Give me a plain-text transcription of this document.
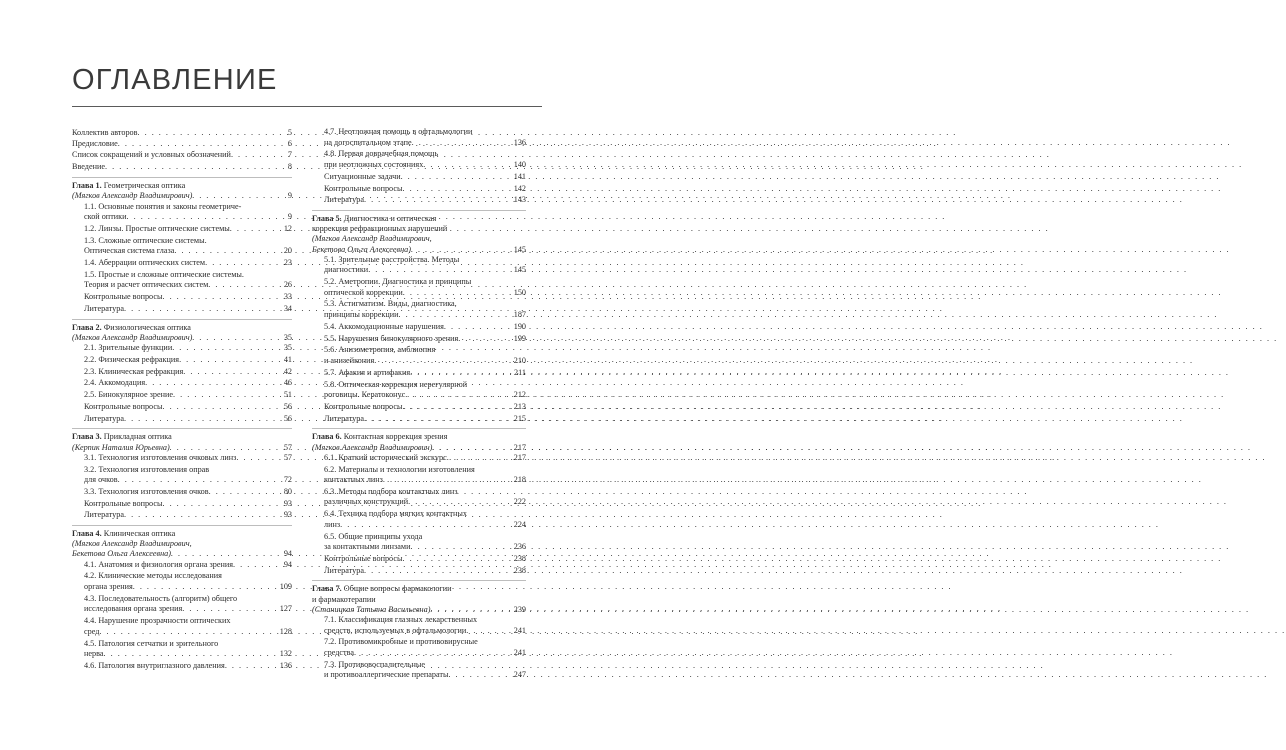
ОГЛАВЛЕНИЕ
Коллектив авторов . . .	5
Предисловие . . .	6
Список сокращений и условных обозначений . . .	7
Введение . . .	8
Глава 1. Геометрическая оптика
(Мягков Александр Владимирович) . . .	9
1.1. Основные понятия и законы геометриче-
ской оптики . . .	9
1.2. Линзы. Простые оптические системы . . .	12
1.3. Сложные оптические системы.
Оптическая система глаза . . .	20
1.4. Аберрации оптических систем . . .	23
1.5. Простые и сложные оптические системы.
Теория и расчет оптических систем . . .	26
Контрольные вопросы . . .	33
Литература . . .	34
Глава 2. Физиологическая оптика
(Мягков Александр Владимирович) . . .	35
2.1. Зрительные функции . . .	35
2.2. Физическая рефракция . . .	41
2.3. Клиническая рефракция . . .	42
2.4. Аккомодация . . .	46
2.5. Бинокулярное зрение . . .	51
Контрольные вопросы . . .	56
Литература . . .	56
Глава 3. Прикладная оптика
(Керпик Наталия Юрьевна) . . .	57
3.1. Технология изготовления очковых линз . . .	57
3.2. Технология изготовления оправ
для очков . . .	72
3.3. Технология изготовления очков . . .	80
Контрольные вопросы . . .	93
Литература . . .	93
Глава 4. Клиническая оптика
(Мягков Александр Владимирович,
Бекетова Ольга Алексеевна) . . .	94
4.1. Анатомия и физиология органа зрения . . .	94
4.2. Клинические методы исследования
органа зрения . . .	109
4.3. Последовательность (алгоритм) общего
исследования органа зрения . . .	127
4.4. Нарушение прозрачности оптических
сред . . .	128
4.5. Патология сетчатки и зрительного
нерва . . .	132
4.6. Патология внутриглазного давления . . .	136
4.7. Неотложная помощь в офтальмологии
на догоспитальном этапе . . .	136
4.8. Первая доврачебная помощь
при неотложных состояниях . . .	140
Ситуационные задачи . . .	141
Контрольные вопросы . . .	142
Литература . . .	143
Глава 5. Диагностика и оптическая
коррекция рефракционных нарушений
(Мягков Александр Владимирович,
Бекетова Ольга Алексеевна) . . .	145
5.1. Зрительные расстройства. Методы
диагностики . . .	145
5.2. Аметропии. Диагностика и принципы
оптической коррекции . . .	150
5.3. Астигматизм. Виды, диагностика,
принципы коррекции . . .	187
5.4. Аккомодационные нарушения . . .	190
5.5. Нарушения бинокулярного зрения . . .	199
5.6. Анизометропия, амблиопия
и анизейкония . . .	210
5.7. Афакия и артифакия . . .	211
5.8. Оптическая коррекция нерегулярной
роговицы. Кератоконус . . .	212
Контрольные вопросы . . .	213
Литература . . .	215
Глава 6. Контактная коррекция зрения
(Мягков Александр Владимирович) . . .	217
6.1. Краткий исторический экскурс . . .	217
6.2. Материалы и технологии изготовления
контактных линз . . .	218
6.3. Методы подбора контактных линз
различных конструкций . . .	222
6.4. Техника подбора мягких контактных
линз . . .	224
6.5. Общие принципы ухода
за контактными линзами . . .	236
Контрольные вопросы . . .	238
Литература . . .	238
Глава 7. Общие вопросы фармакологии
и фармакотерапии
(Станицкая Татьяна Васильевна) . . .	239
7.1. Классификация глазных лекарственных
средств, используемых в офтальмологии . . .	241
7.2. Противомикробные и противовирусные
средства . . .	241
7.3. Противовоспалительные
и противоаллергические препараты . . .	247
